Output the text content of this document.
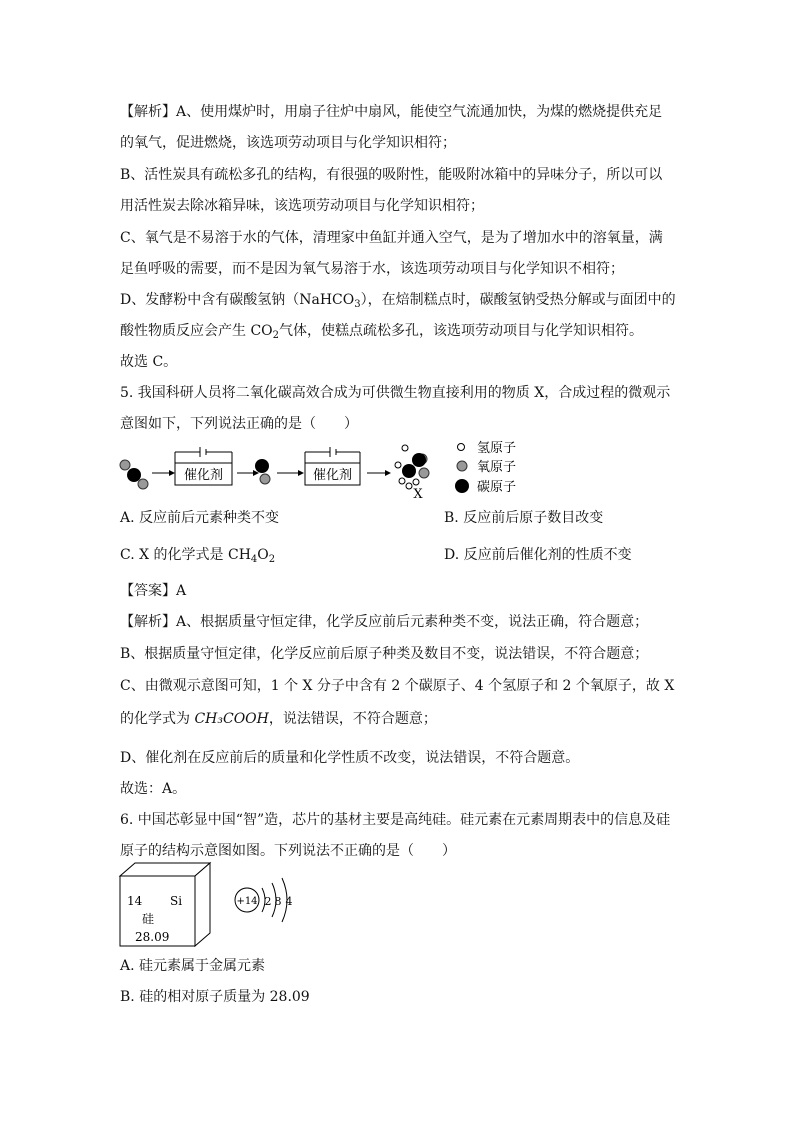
【解析】A、使用煤炉时，用扇子往炉中扇风，能使空气流通加快，为煤的燃烧提供充足
的氧气，促进燃烧，该选项劳动项目与化学知识相符；
B、活性炭具有疏松多孔的结构，有很强的吸附性，能吸附冰箱中的异味分子，所以可以
用活性炭去除冰箱异味，该选项劳动项目与化学知识相符；
C、氧气是不易溶于水的气体，清理家中鱼缸并通入空气，是为了增加水中的溶氧量，满
足鱼呼吸的需要，而不是因为氧气易溶于水，该选项劳动项目与化学知识不相符；
D、发酵粉中含有碳酸氢钠（NaHCO$_3$），在焙制糕点时，碳酸氢钠受热分解或与面团中的
酸性物质反应会产生 $CO_2$气体，使糕点疏松多孔，该选项劳动项目与化学知识相符。
故选 C。
5. 我国科研人员将二氧化碳高效合成为可供微生物直接利用的物质 X，合成过程的微观示
意图如下，下列说法正确的是（　　）
催化剂	催化剂
X
氢原子
氧原子
碳原子
A. 反应前后元素种类不变	B. 反应前后原子数目改变
C. X 的化学式是 $CH_4O_2$	D. 反应前后催化剂的性质不变
【答案】A
【解析】A、根据质量守恒定律，化学反应前后元素种类不变，说法正确，符合题意；
B、根据质量守恒定律，化学反应前后原子种类及数目不变，说法错误，不符合题意；
C、由微观示意图可知，1 个 X 分子中含有 2 个碳原子、4 个氢原子和 2 个氧原子，故 X
的化学式为 CH₃COOH，说法错误，不符合题意；
D、催化剂在反应前后的质量和化学性质不改变，说法错误，不符合题意。
故选：A。
6. 中国芯彰显中国“智”造，芯片的基材主要是高纯硅。硅元素在元素周期表中的信息及硅
原子的结构示意图如图。下列说法不正确的是（　　）
14 Si
硅
28.09
+14 2 8 4
A. 硅元素属于金属元素
B. 硅的相对原子质量为 28.09
